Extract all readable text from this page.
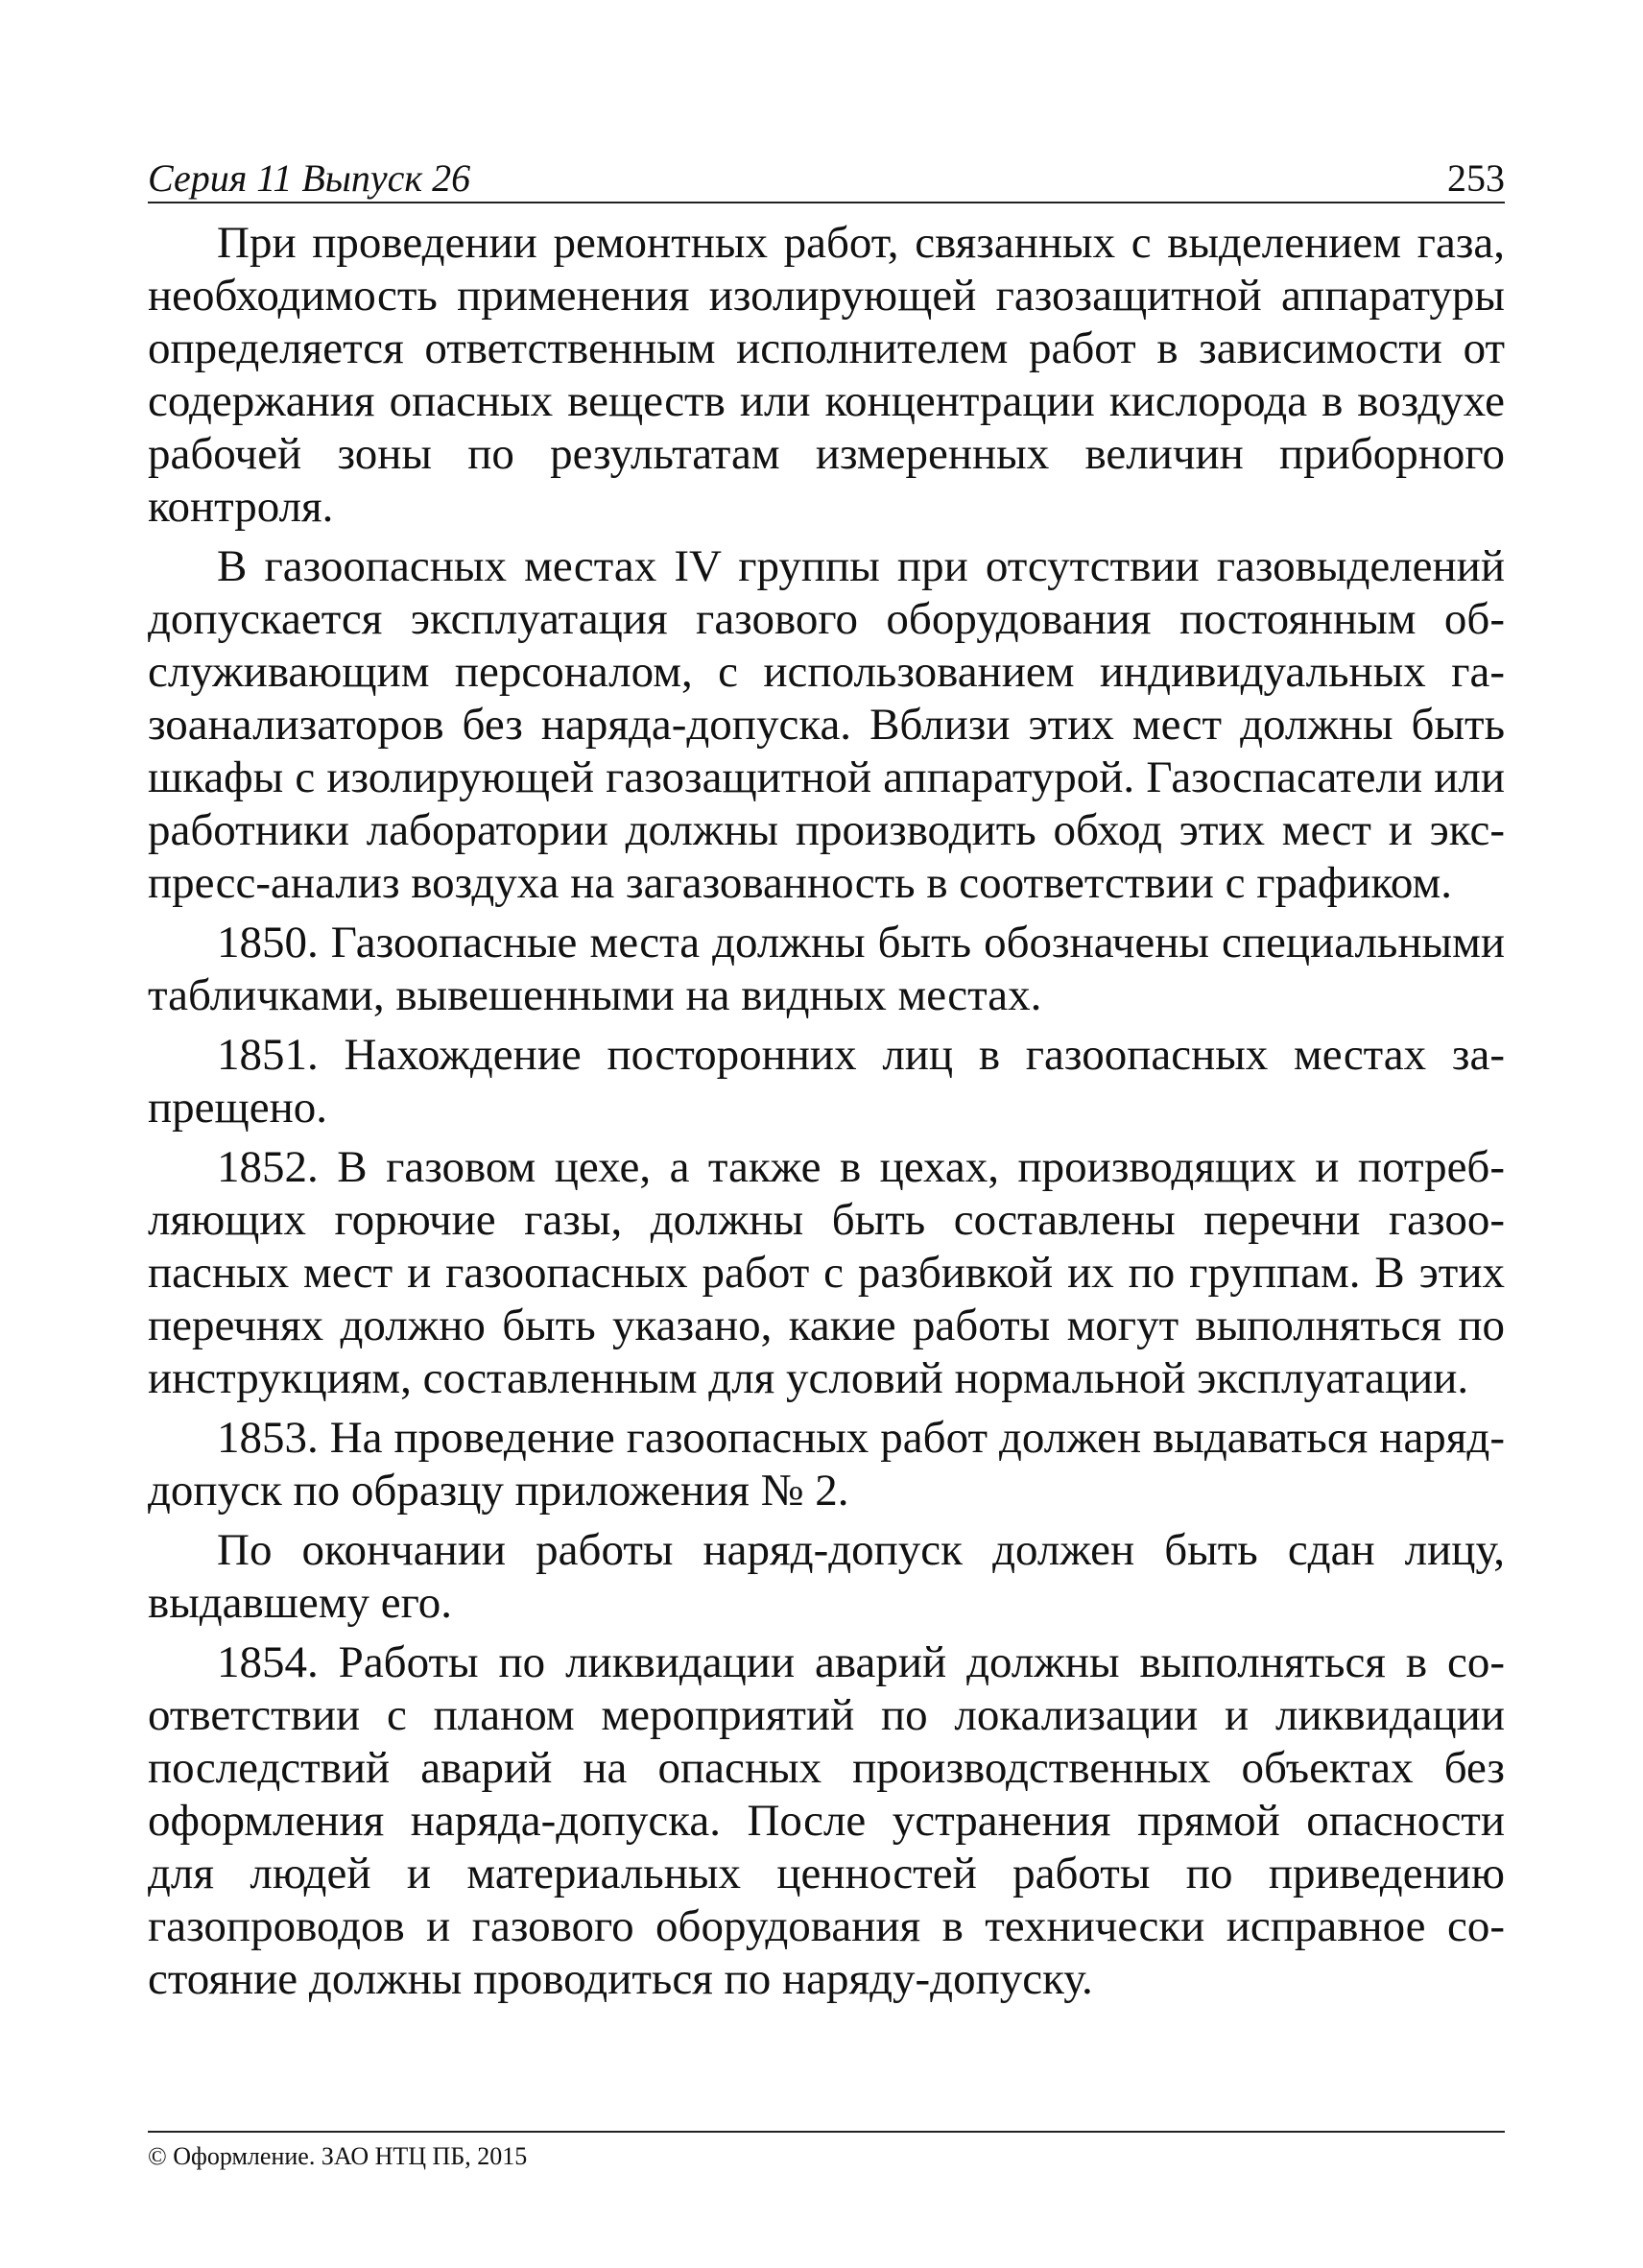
Серия 11 Выпуск 26	253

При проведении ремонтных работ, связанных с выделением газа, необходимость применения изолирующей газозащитной аппаратуры определяется ответственным исполнителем работ в зависимости от содержания опасных веществ или концентрации кислорода в воздухе рабочей зоны по результатам измеренных величин приборного контроля.

В газоопасных местах IV группы при отсутствии газовыделений допускается эксплуатация газового оборудования постоянным обслуживающим персоналом, с использованием индивидуальных газоанализаторов без наряда-допуска. Вблизи этих мест должны быть шкафы с изолирующей газозащитной аппаратурой. Газоспасатели или работники лаборатории должны производить обход этих мест и экспресс-анализ воздуха на загазованность в соответствии с графиком.

1850. Газоопасные места должны быть обозначены специальными табличками, вывешенными на видных местах.

1851. Нахождение посторонних лиц в газоопасных местах запрещено.

1852. В газовом цехе, а также в цехах, производящих и потребляющих горючие газы, должны быть составлены перечни газоопасных мест и газоопасных работ с разбивкой их по группам. В этих перечнях должно быть указано, какие работы могут выполняться по инструкциям, составленным для условий нормальной эксплуатации.

1853. На проведение газоопасных работ должен выдаваться наряд-допуск по образцу приложения № 2.

По окончании работы наряд-допуск должен быть сдан лицу, выдавшему его.

1854. Работы по ликвидации аварий должны выполняться в соответствии с планом мероприятий по локализации и ликвидации последствий аварий на опасных производственных объектах без оформления наряда-допуска. После устранения прямой опасности для людей и материальных ценностей работы по приведению газопроводов и газового оборудования в технически исправное состояние должны проводиться по наряду-допуску.

© Оформление. ЗАО НТЦ ПБ, 2015
